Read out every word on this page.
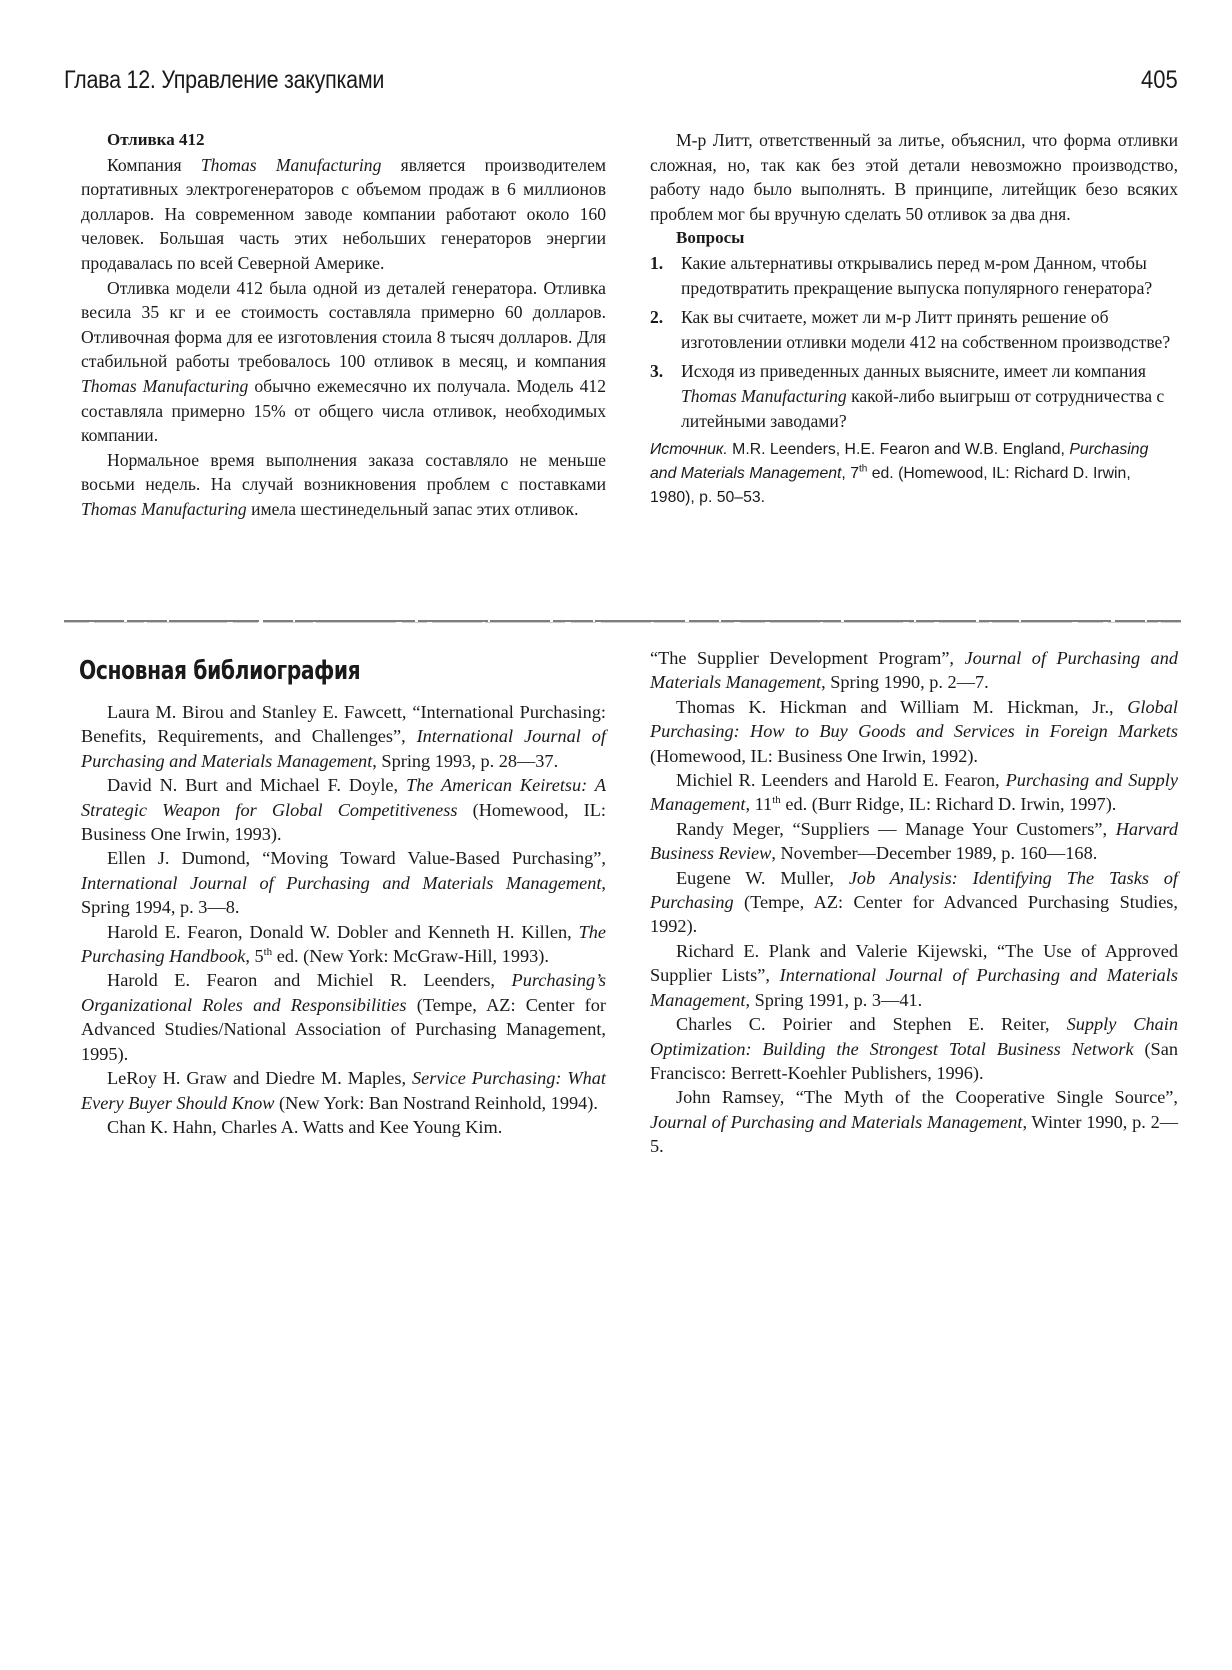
Глава 12. Управление закупками	405

Отливка 412

Компания Thomas Manufacturing является производителем портативных электрогенераторов с объемом продаж в 6 миллионов долларов. На современном заводе компании работают около 160 человек. Большая часть этих небольших генераторов энергии продавалась по всей Северной Америке.

Отливка модели 412 была одной из деталей генератора. Отливка весила 35 кг и ее стоимость составляла примерно 60 долларов. Отливочная форма для ее изготовления стоила 8 тысяч долларов. Для стабильной работы требовалось 100 отливок в месяц, и компания Thomas Manufacturing обычно ежемесячно их получала. Модель 412 составляла примерно 15% от общего числа отливок, необходимых компании.

Нормальное время выполнения заказа составляло не меньше восьми недель. На случай возникновения проблем с поставками Thomas Manufacturing имела шестинедельный запас этих отливок.

М-р Литт, ответственный за литье, объяснил, что форма отливки сложная, но, так как без этой детали невозможно производство, работу надо было выполнять. В принципе, литейщик безо всяких проблем мог бы вручную сделать 50 отливок за два дня.

Вопросы

1. Какие альтернативы открывались перед м-ром Данном, чтобы предотвратить прекращение выпуска популярного генератора?
2. Как вы считаете, может ли м-р Литт принять решение об изготовлении отливки модели 412 на собственном производстве?
3. Исходя из приведенных данных выясните, имеет ли компания Thomas Manufacturing какой-либо выигрыш от сотрудничества с литейными заводами?

Источник. M.R. Leenders, H.E. Fearon and W.B. England, Purchasing and Materials Management, 7th ed. (Homewood, IL: Richard D. Irwin, 1980), p. 50–53.

Основная библиография

Laura M. Birou and Stanley E. Fawcett, “International Purchasing: Benefits, Requirements, and Challenges”, International Journal of Purchasing and Materials Management, Spring 1993, p. 28—37.

David N. Burt and Michael F. Doyle, The American Keiretsu: A Strategic Weapon for Global Competitiveness (Homewood, IL: Business One Irwin, 1993).

Ellen J. Dumond, “Moving Toward Value-Based Purchasing”, International Journal of Purchasing and Materials Management, Spring 1994, p. 3—8.

Harold E. Fearon, Donald W. Dobler and Kenneth H. Killen, The Purchasing Handbook, 5th ed. (New York: McGraw-Hill, 1993).

Harold E. Fearon and Michiel R. Leenders, Purchasing’s Organizational Roles and Responsibilities (Tempe, AZ: Center for Advanced Studies/National Association of Purchasing Management, 1995).

LeRoy H. Graw and Diedre M. Maples, Service Purchasing: What Every Buyer Should Know (New York: Ban Nostrand Reinhold, 1994).

Chan K. Hahn, Charles A. Watts and Kee Young Kim.

“The Supplier Development Program”, Journal of Purchasing and Materials Management, Spring 1990, p. 2—7.

Thomas K. Hickman and William M. Hickman, Jr., Global Purchasing: How to Buy Goods and Services in Foreign Markets (Homewood, IL: Business One Irwin, 1992).

Michiel R. Leenders and Harold E. Fearon, Purchasing and Supply Management, 11th ed. (Burr Ridge, IL: Richard D. Irwin, 1997).

Randy Meger, “Suppliers — Manage Your Customers”, Harvard Business Review, November—December 1989, p. 160—168.

Eugene W. Muller, Job Analysis: Identifying The Tasks of Purchasing (Tempe, AZ: Center for Advanced Purchasing Studies, 1992).

Richard E. Plank and Valerie Kijewski, “The Use of Approved Supplier Lists”, International Journal of Purchasing and Materials Management, Spring 1991, p. 3—41.

Charles C. Poirier and Stephen E. Reiter, Supply Chain Optimization: Building the Strongest Total Business Network (San Francisco: Berrett-Koehler Publishers, 1996).

John Ramsey, “The Myth of the Cooperative Single Source”, Journal of Purchasing and Materials Management, Winter 1990, p. 2—5.
